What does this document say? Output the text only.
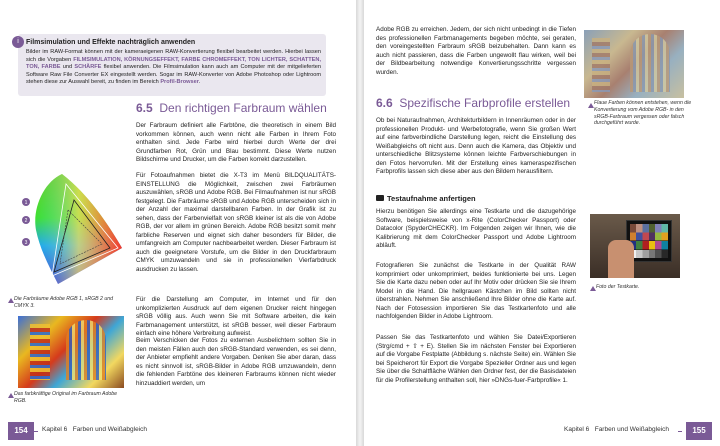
i	Filmsimulation und Effekte nachträglich anwenden

Bilder im RAW-Format können mit der kameraeigenen RAW-Konvertierung flexibel bearbeitet werden. Hierbei lassen sich die Vorgaben FILMSIMULATION, KÖRNUNGSEFFEKT, FARBE CHROMEFFEKT, TON LICHTER, SCHATTEN, TON, FARBE und SCHÄRFE flexibel anwenden. Die Filmsimulation kann auch am Computer mit der mitgelieferten Software Raw File Converter EX eingestellt werden. Sogar im RAW-Konverter von Adobe Photoshop oder Lightroom stehen diese zur Auswahl bereit, zu finden im Bereich Profil-Browser.

6.5 Den richtigen Farbraum wählen

Der Farbraum definiert alle Farbtöne, die theoretisch in einem Bild vorkommen können, auch wenn nicht alle Farben in Ihrem Foto enthalten sind. Jede Farbe wird hierbei durch Werte der drei Grundfarben Rot, Grün und Blau bestimmt. Diese Werte nutzen Bildschirme und Drucker, um die Farben korrekt darzustellen.

Für Fotoaufnahmen bietet die X-T3 im Menü BILDQUALITÄTS-EINSTELLUNG die Möglichkeit, zwischen zwei Farbräumen auszuwählen, sRGB und Adobe RGB. Bei Filmaufnahmen ist nur sRGB festgelegt. Die Farbräume sRGB und Adobe RGB unterscheiden sich in der Anzahl der maximal darstellbaren Farben. In der Grafik ist zu sehen, dass der Farbenvielfalt von sRGB kleiner ist als die von Adobe RGB, der vor allem im grünen Bereich. Adobe RGB besitzt somit mehr farbliche Reserven und eignet sich daher besonders für Bilder, die umfangreich am Computer nachbearbeitet werden. Dieser Farbraum ist auch die geeignetere Vorstufe, um die Bilder in den Druckfarbraum CMYK umzuwandeln und sie in professionellen Vierfarbdruck ausdrucken zu lassen.

Für die Darstellung am Computer, im Internet und für den unkomplizierten Ausdruck auf dem eigenen Drucker reicht hingegen sRGB völlig aus. Auch wenn Sie mit Software arbeiten, die kein Farbmanagement unterstützt, ist sRGB besser, weil dieser Farbraum einfach eine höhere Verbreitung aufweist.

Beim Verschicken der Fotos zu externen Ausbelichtern sollten Sie in den meisten Fällen auch den sRGB-Standard verwenden, es sei denn, der Anbieter empfiehlt andere Vorgaben. Denken Sie aber daran, dass es nicht sinnvoll ist, sRGB-Bilder in Adobe RGB umzuwandeln, denn die fehlenden Farbtöne des kleineren Farbraums können nicht wieder hinzuaddiert werden, um

1
2
3

Die Farbräume Adobe RGB 1, sRGB 2 und CMYK 3.

Das farbkräftige Original im Farbraum Adobe RGB.

154	Kapitel 6 Farben und Weißabgleich

Adobe RGB zu erreichen. Jedem, der sich nicht unbedingt in die Tiefen des professionellen Farbmanagements begeben möchte, sei geraten, den voreingestellten Farbraum sRGB beizubehalten. Dann kann es auch nicht passieren, dass die Farben ungewollt flau wirken, weil bei der Bildbearbeitung notwendige Konvertierungsschritte vergessen wurden.

6.6 Spezifische Farbprofile erstellen

Ob bei Naturaufnahmen, Architekturbildern in Innenräumen oder in der professionellen Produkt- und Werbefotografie, wenn Sie großen Wert auf eine farbverbindliche Darstellung legen, reicht die Einstellung des Weißabgleichs oft nicht aus. Denn auch die Kamera, das Objektiv und unterschiedliche Blitzsysteme können leichte Farbverschiebungen in den Fotos hervorrufen. Mit der Erstellung eines kameraspezifischen Farbprofils lassen sich diese aber aus den Bildern herausfiltern.

Testaufnahme anfertigen

Hierzu benötigen Sie allerdings eine Testkarte und die dazugehörige Software, beispielsweise von x-Rite (ColorChecker Passport) oder Datacolor (SpyderCHECKR). Im Folgenden zeigen wir Ihnen, wie die Kalibrierung mit dem ColorChecker Passport und Adobe Lightroom abläuft.

Fotografieren Sie zunächst die Testkarte in der Qualität RAW komprimiert oder unkomprimiert, beides funktionierte bei uns. Legen Sie die Karte dazu neben oder auf Ihr Motiv oder drücken Sie sie Ihrem Model in die Hand. Die hellgrauen Kästchen im Bild sollten nicht überstrahlen. Nehmen Sie anschließend Ihre Bilder ohne die Karte auf. Nach der Fotosession importieren Sie das Testkartenfoto und alle nachfolgenden Bilder in Adobe Lightroom.

Passen Sie das Testkartenfoto und wählen Sie Datei/Exportieren (Strg/cmd + ⇧ + E). Stellen Sie im nächsten Fenster bei Exportieren auf die Vorgabe Festplatte (Abbildung s. nächste Seite) ein. Wählen Sie bei Speicherort für Export die Vorgabe Spezieller Ordner aus und legen Sie über die Schaltfläche Wählen den Ordner fest, der die Basisdateien für die Profilerstellung enthalten soll, hier »DNGs-fuer-Farbprofile« 1.

Flaue Farben können entstehen, wenn die Konvertierung vom Adobe RGB- in den sRGB-Farbraum vergessen oder falsch durchgeführt wurde.

Foto der Testkarte.

Kapitel 6 Farben und Weißabgleich	155
